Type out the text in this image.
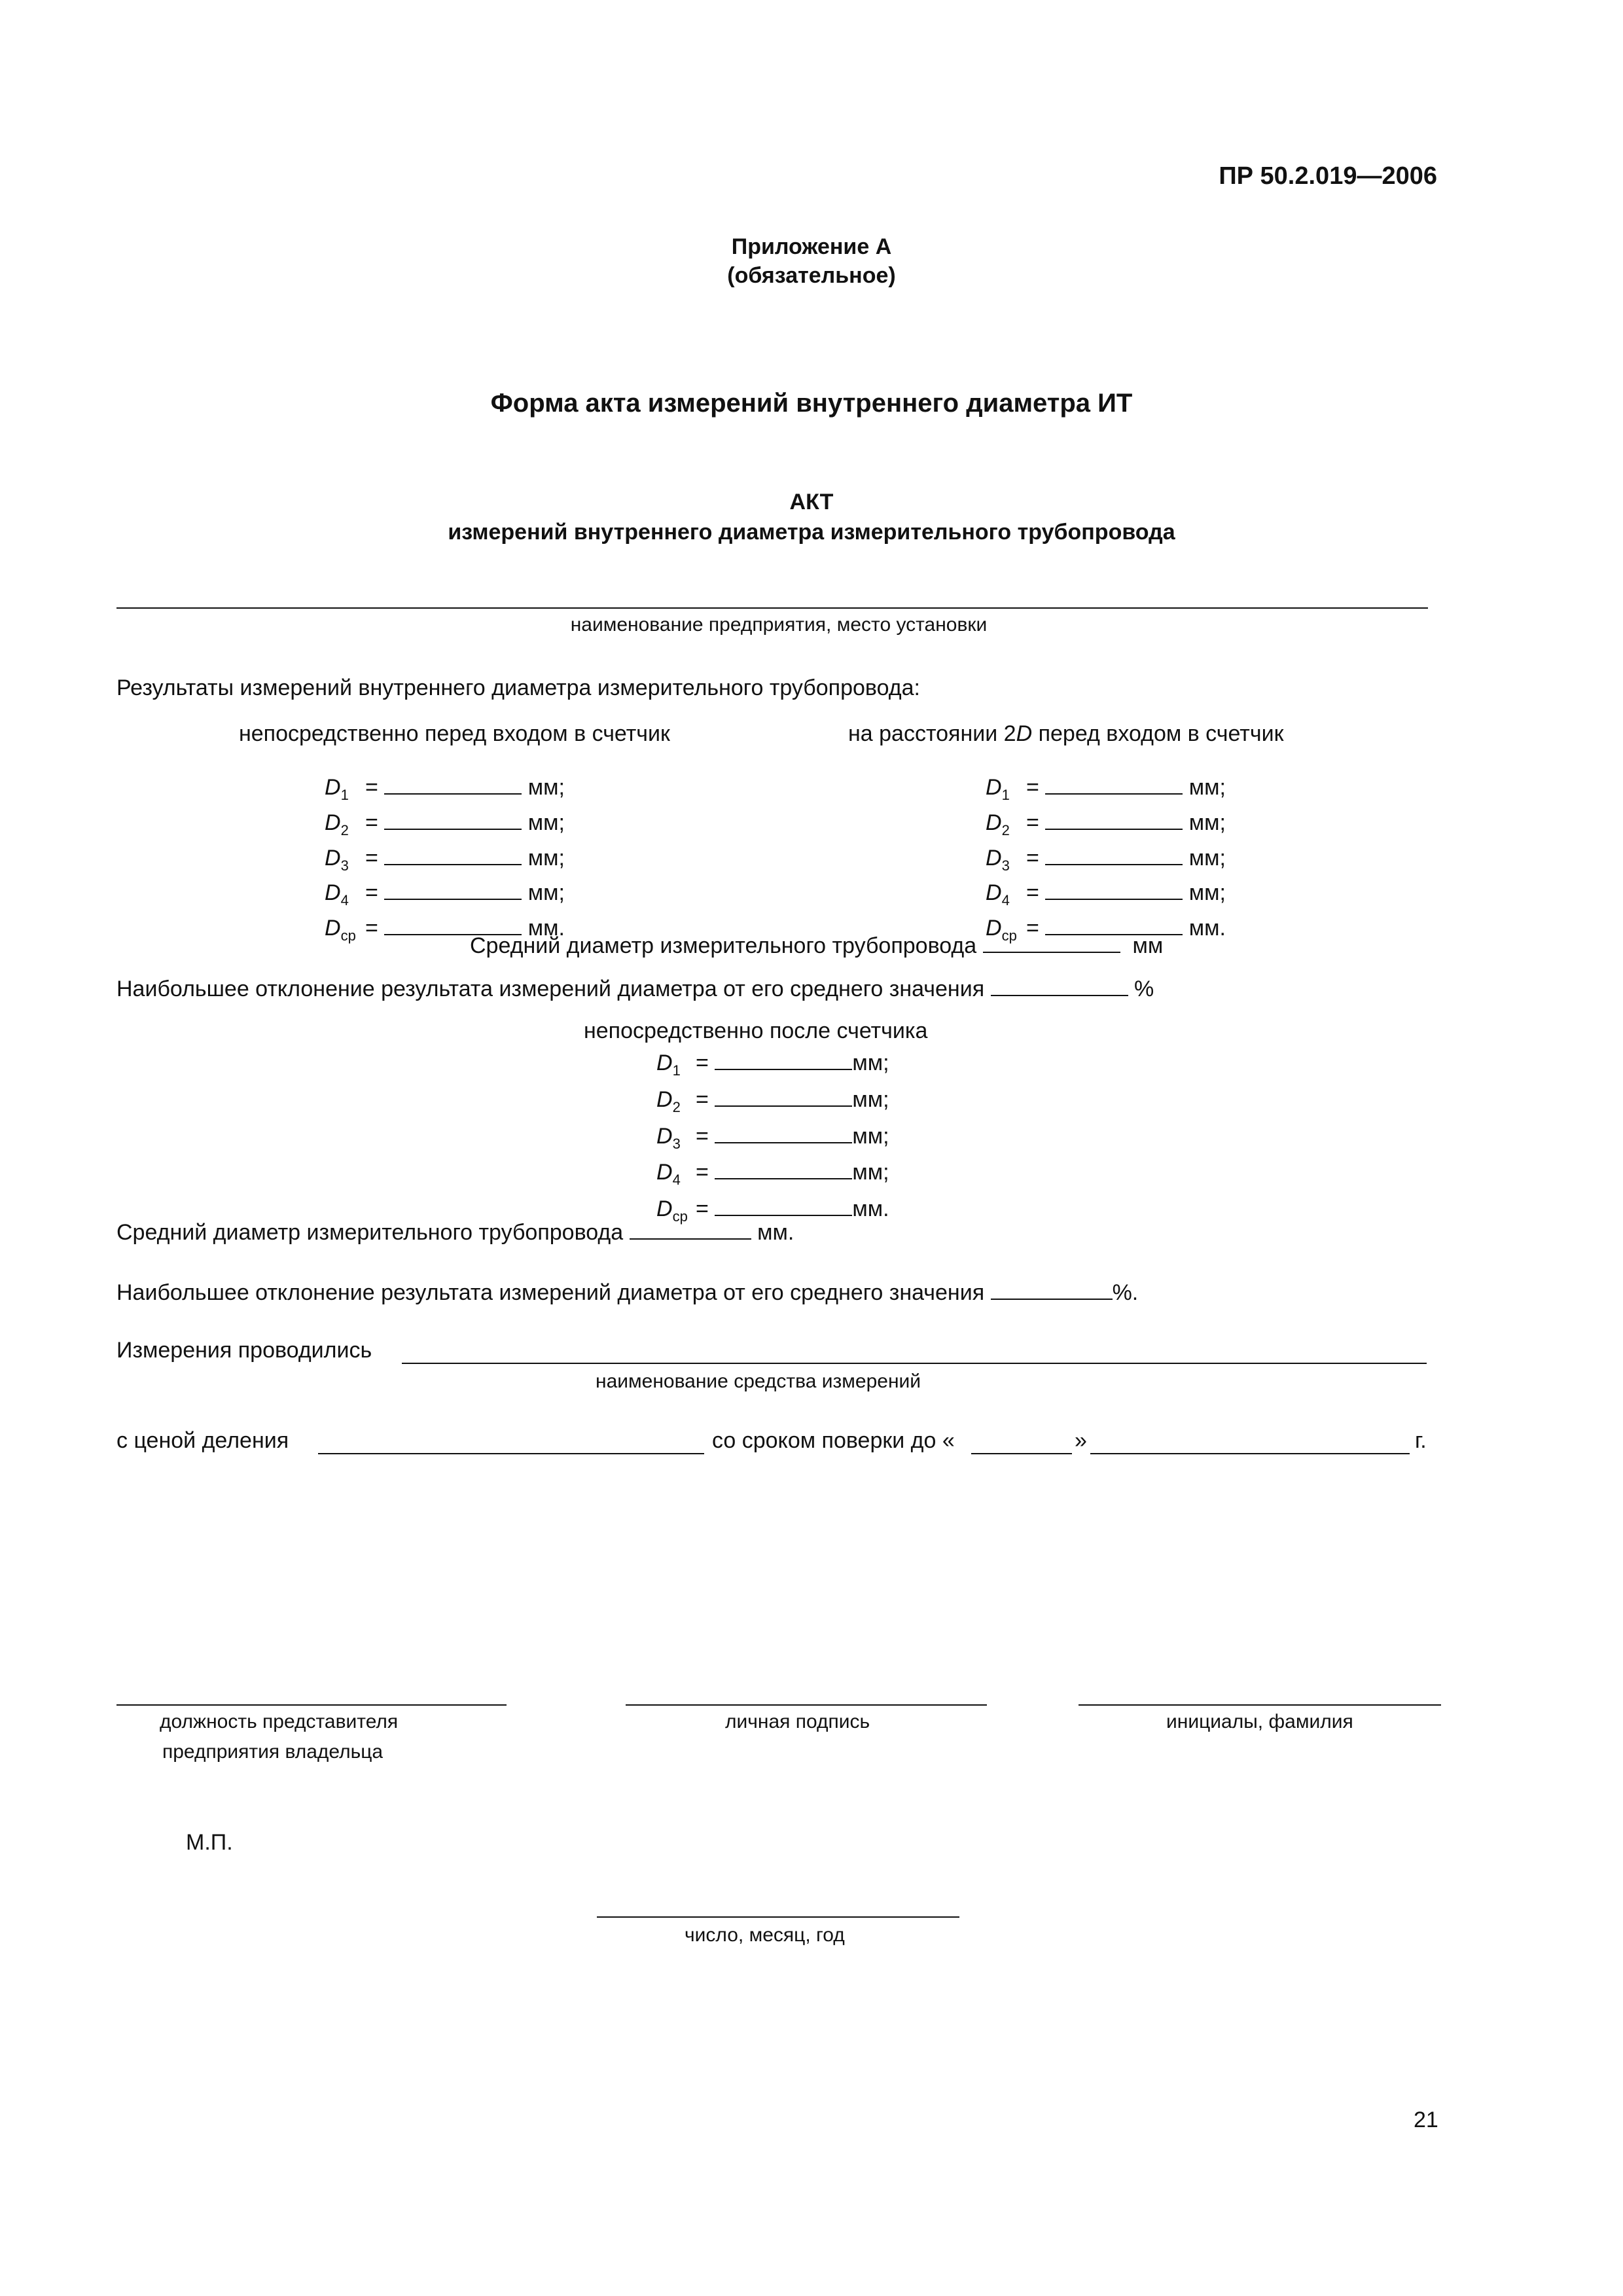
ПР 50.2.019—2006
Приложение А
(обязательное)
Форма акта измерений внутреннего диаметра ИТ
АКТ
измерений внутреннего диаметра измерительного трубопровода
наименование предприятия, место установки
Результаты измерений внутреннего диаметра измерительного трубопровода:
непосредственно перед входом в счетчик	на расстоянии 2D перед входом в счетчик
$D_1$ =	мм;
$D_2$ =	мм;
$D_3$ =	мм;
$D_4$ =	мм;
$D_{ср}$ =	мм.
$D_1$ =	мм;
$D_2$ =	мм;
$D_3$ =	мм;
$D_4$ =	мм;
$D_{ср}$ =	мм.
Средний диаметр измерительного трубопровода	мм
Наибольшее отклонение результата измерений диаметра от его среднего значения	%
непосредственно после счетчика
$D_1$ =	мм;
$D_2$ =	мм;
$D_3$ =	мм;
$D_4$ =	мм;
$D_{ср}$ =	мм.
Средний диаметр измерительного трубопровода	мм.
Наибольшее отклонение результата измерений диаметра от его среднего значения	%.
Измерения проводились
наименование средства измерений
с ценой деления	со сроком поверки до «	»	г.
должность представителя
предприятия владельца
личная подпись	инициалы, фамилия
М.П.
число, месяц, год
21
